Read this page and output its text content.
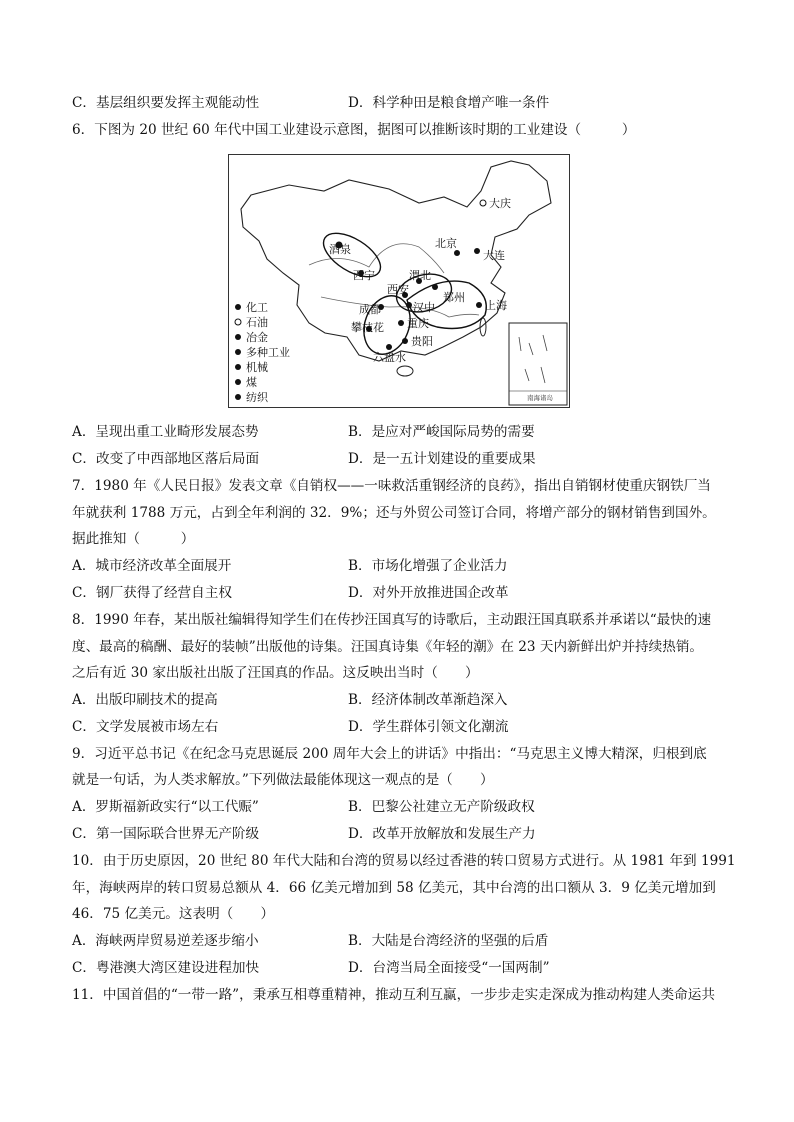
C．基层组织要发挥主观能动性	D．科学种田是粮食增产唯一条件
6．下图为 20 世纪 60 年代中国工业建设示意图，据图可以推断该时期的工业建设（　　　）
大庆
北京
大连
酒泉
西宁	渭北
西安
郑州
成都	汉中	上海
攀枝花 重庆
贵阳
六盘水
化工
石油
冶金
多种工业
机械
煤
纺织	南海诸岛
A．呈现出重工业畸形发展态势	B．是应对严峻国际局势的需要
C．改变了中西部地区落后局面	D．是一五计划建设的重要成果
7．1980 年《人民日报》发表文章《自销权——一味救活重钢经济的良药》，指出自销钢材使重庆钢铁厂当
年就获利 1788 万元，占到全年利润的 32．9%；还与外贸公司签订合同，将增产部分的钢材销售到国外。
据此推知（　　　）
A．城市经济改革全面展开	B．市场化增强了企业活力
C．钢厂获得了经营自主权	D．对外开放推进国企改革
8．1990 年春，某出版社编辑得知学生们在传抄汪国真写的诗歌后，主动跟汪国真联系并承诺以“最快的速
度、最高的稿酬、最好的装帧”出版他的诗集。汪国真诗集《年轻的潮》在 23 天内新鲜出炉并持续热销。
之后有近 30 家出版社出版了汪国真的作品。这反映出当时（　　）
A．出版印刷技术的提高	B．经济体制改革渐趋深入
C．文学发展被市场左右	D．学生群体引领文化潮流
9．习近平总书记《在纪念马克思诞辰 200 周年大会上的讲话》中指出：“马克思主义博大精深，归根到底
就是一句话，为人类求解放。”下列做法最能体现这一观点的是（　　）
A．罗斯福新政实行“以工代赈”	B．巴黎公社建立无产阶级政权
C．第一国际联合世界无产阶级	D．改革开放解放和发展生产力
10．由于历史原因，20 世纪 80 年代大陆和台湾的贸易以经过香港的转口贸易方式进行。从 1981 年到 1991
年，海峡两岸的转口贸易总额从 4．66 亿美元增加到 58 亿美元，其中台湾的出口额从 3．9 亿美元增加到
46．75 亿美元。这表明（　　）
A．海峡两岸贸易逆差逐步缩小	B．大陆是台湾经济的坚强的后盾
C．粤港澳大湾区建设进程加快	D．台湾当局全面接受“一国两制”
11．中国首倡的“一带一路”，秉承互相尊重精神，推动互利互赢，一步步走实走深成为推动构建人类命运共
